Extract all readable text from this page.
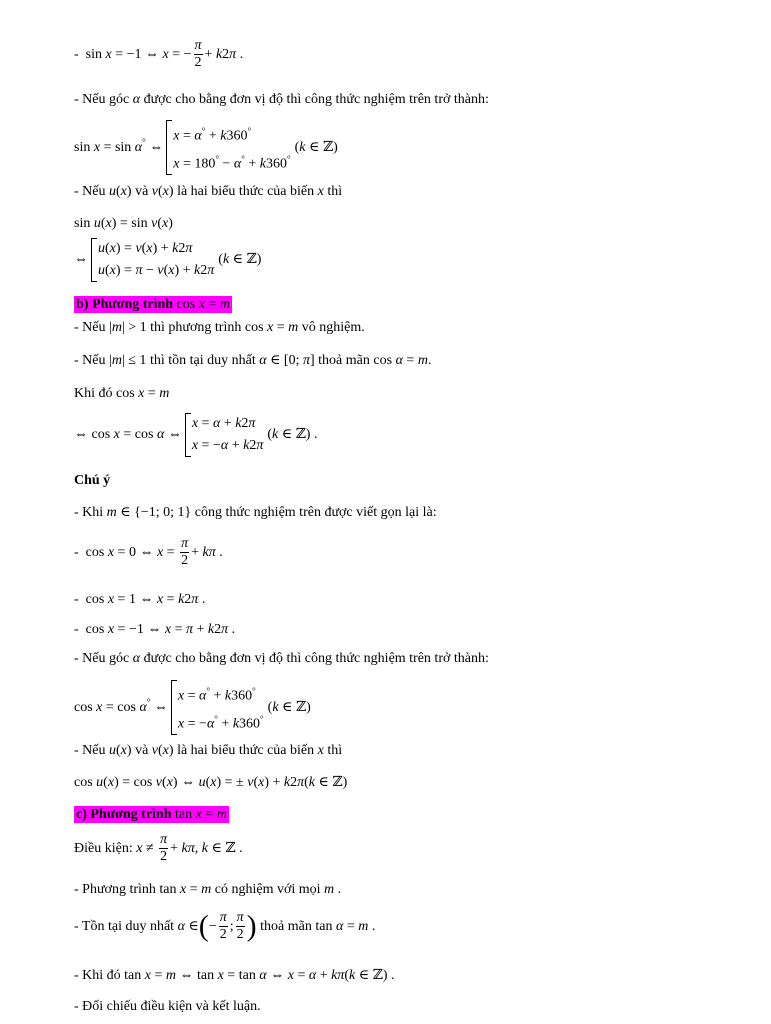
-  sin x = −1 ⇔ x = − $\frac{\pi}{2} + k2\pi$ .
- Nếu góc α được cho bằng đơn vị độ thì công thức nghiệm trên trở thành:
sin x = sin α° ⇔
x = α° + k360°
x = 180° − α° + k360°
(k ∈ ℤ)
- Nếu u(x) và v(x) là hai biểu thức của biến x thì
sin u(x) = sin v(x)
⇔
u(x) = v(x) + k2π
u(x) = π − v(x) + k2π
(k ∈ ℤ)
b) Phương trình cos x = m
- Nếu |m| > 1 thì phương trình cos x = m vô nghiệm.
- Nếu |m| ≤ 1 thì tồn tại duy nhất α ∈ [0; π] thoả mãn cos α = m.
Khi đó cos x = m
⇔ cos x = cos α ⇔
x = α + k2π
x = −α + k2π
(k ∈ ℤ) .
Chú ý
- Khi m ∈ {−1; 0; 1} công thức nghiệm trên được viết gọn lại là:
-  cos x = 0 ⇔ $x = \frac{\pi}{2} + k\pi$ .
-  cos x = 1 ⇔ x = k2π .
-  cos x = −1 ⇔ x = π + k2π .
- Nếu góc α được cho bằng đơn vị độ thì công thức nghiệm trên trở thành:
cos x = cos α° ⇔
x = α° + k360°
x = −α° + k360°
(k ∈ ℤ)
- Nếu u(x) và v(x) là hai biểu thức của biến x thì
cos u(x) = cos v(x) ⇔ u(x) = ± v(x) + k2π(k ∈ ℤ)
c) Phương trình tan x = m
Điều kiện: $x \ne \frac{\pi}{2} + k\pi$, k ∈ ℤ .
- Phương trình tan x = m có nghiệm với mọi m .
- Tồn tại duy nhất α ∈(− $\frac{\pi}{2}$ ; $\frac{\pi}{2}$ ) thoả mãn tan α = m .
- Khi đó tan x = m ⇔ tan x = tan α ⇔ x = α + kπ(k ∈ ℤ) .
- Đối chiếu điều kiện và kết luận.
